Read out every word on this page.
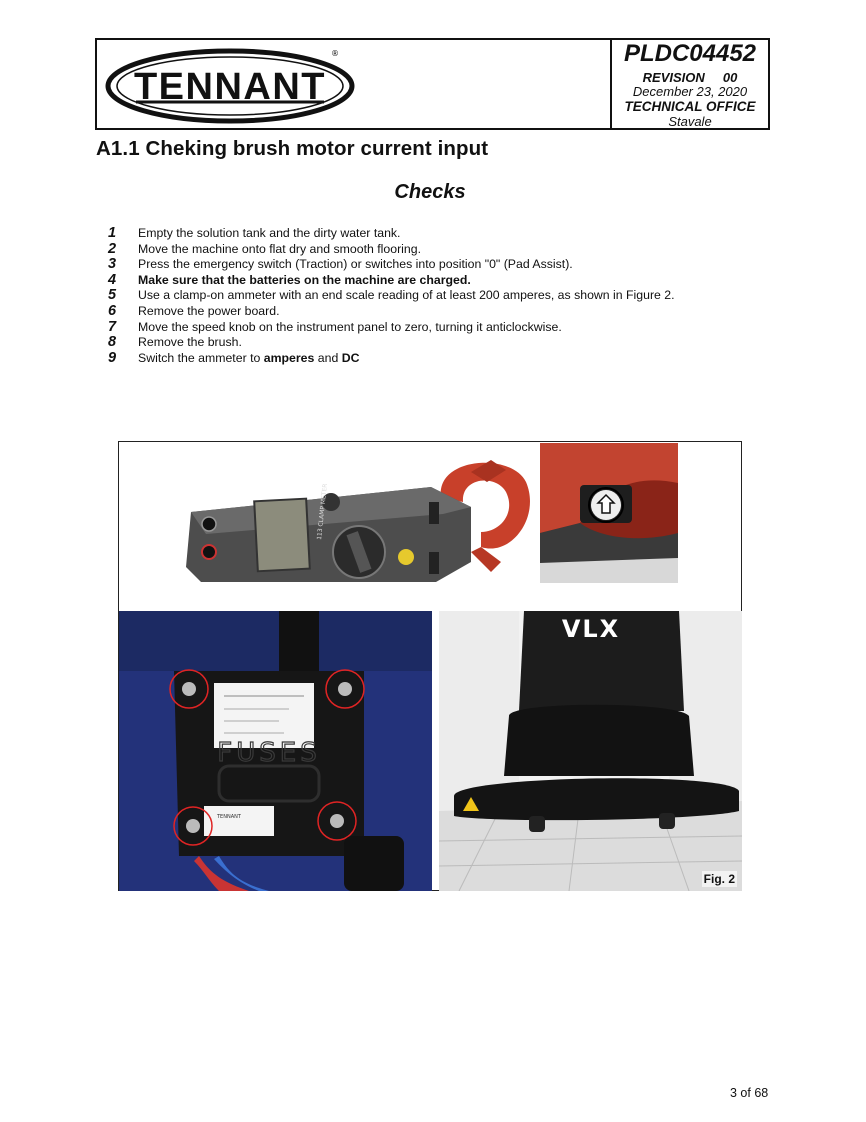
TENNANT
®	PLDC04452
REVISION 00
December 23, 2020
TECHNICAL OFFICE
Stavale
A1.1 Cheking brush motor current input
Checks
1 Empty the solution tank and the dirty water tank.
2 Move the machine onto flat dry and smooth flooring.
3 Press the emergency switch (Traction) or switches into position "0" (Pad Assist).
4 Make sure that the batteries on the machine are charged.
5 Use a clamp-on ammeter with an end scale reading of at least 200 amperes, as shown in Figure 2.
6 Remove the power board.
7 Move the speed knob on the instrument panel to zero, turning it anticlockwise.
8 Remove the brush.
9 Switch the ammeter to amperes and DC
113 CLAMP METER
FUSES
TENNANT
VLX
Fig. 2
3 of 68
